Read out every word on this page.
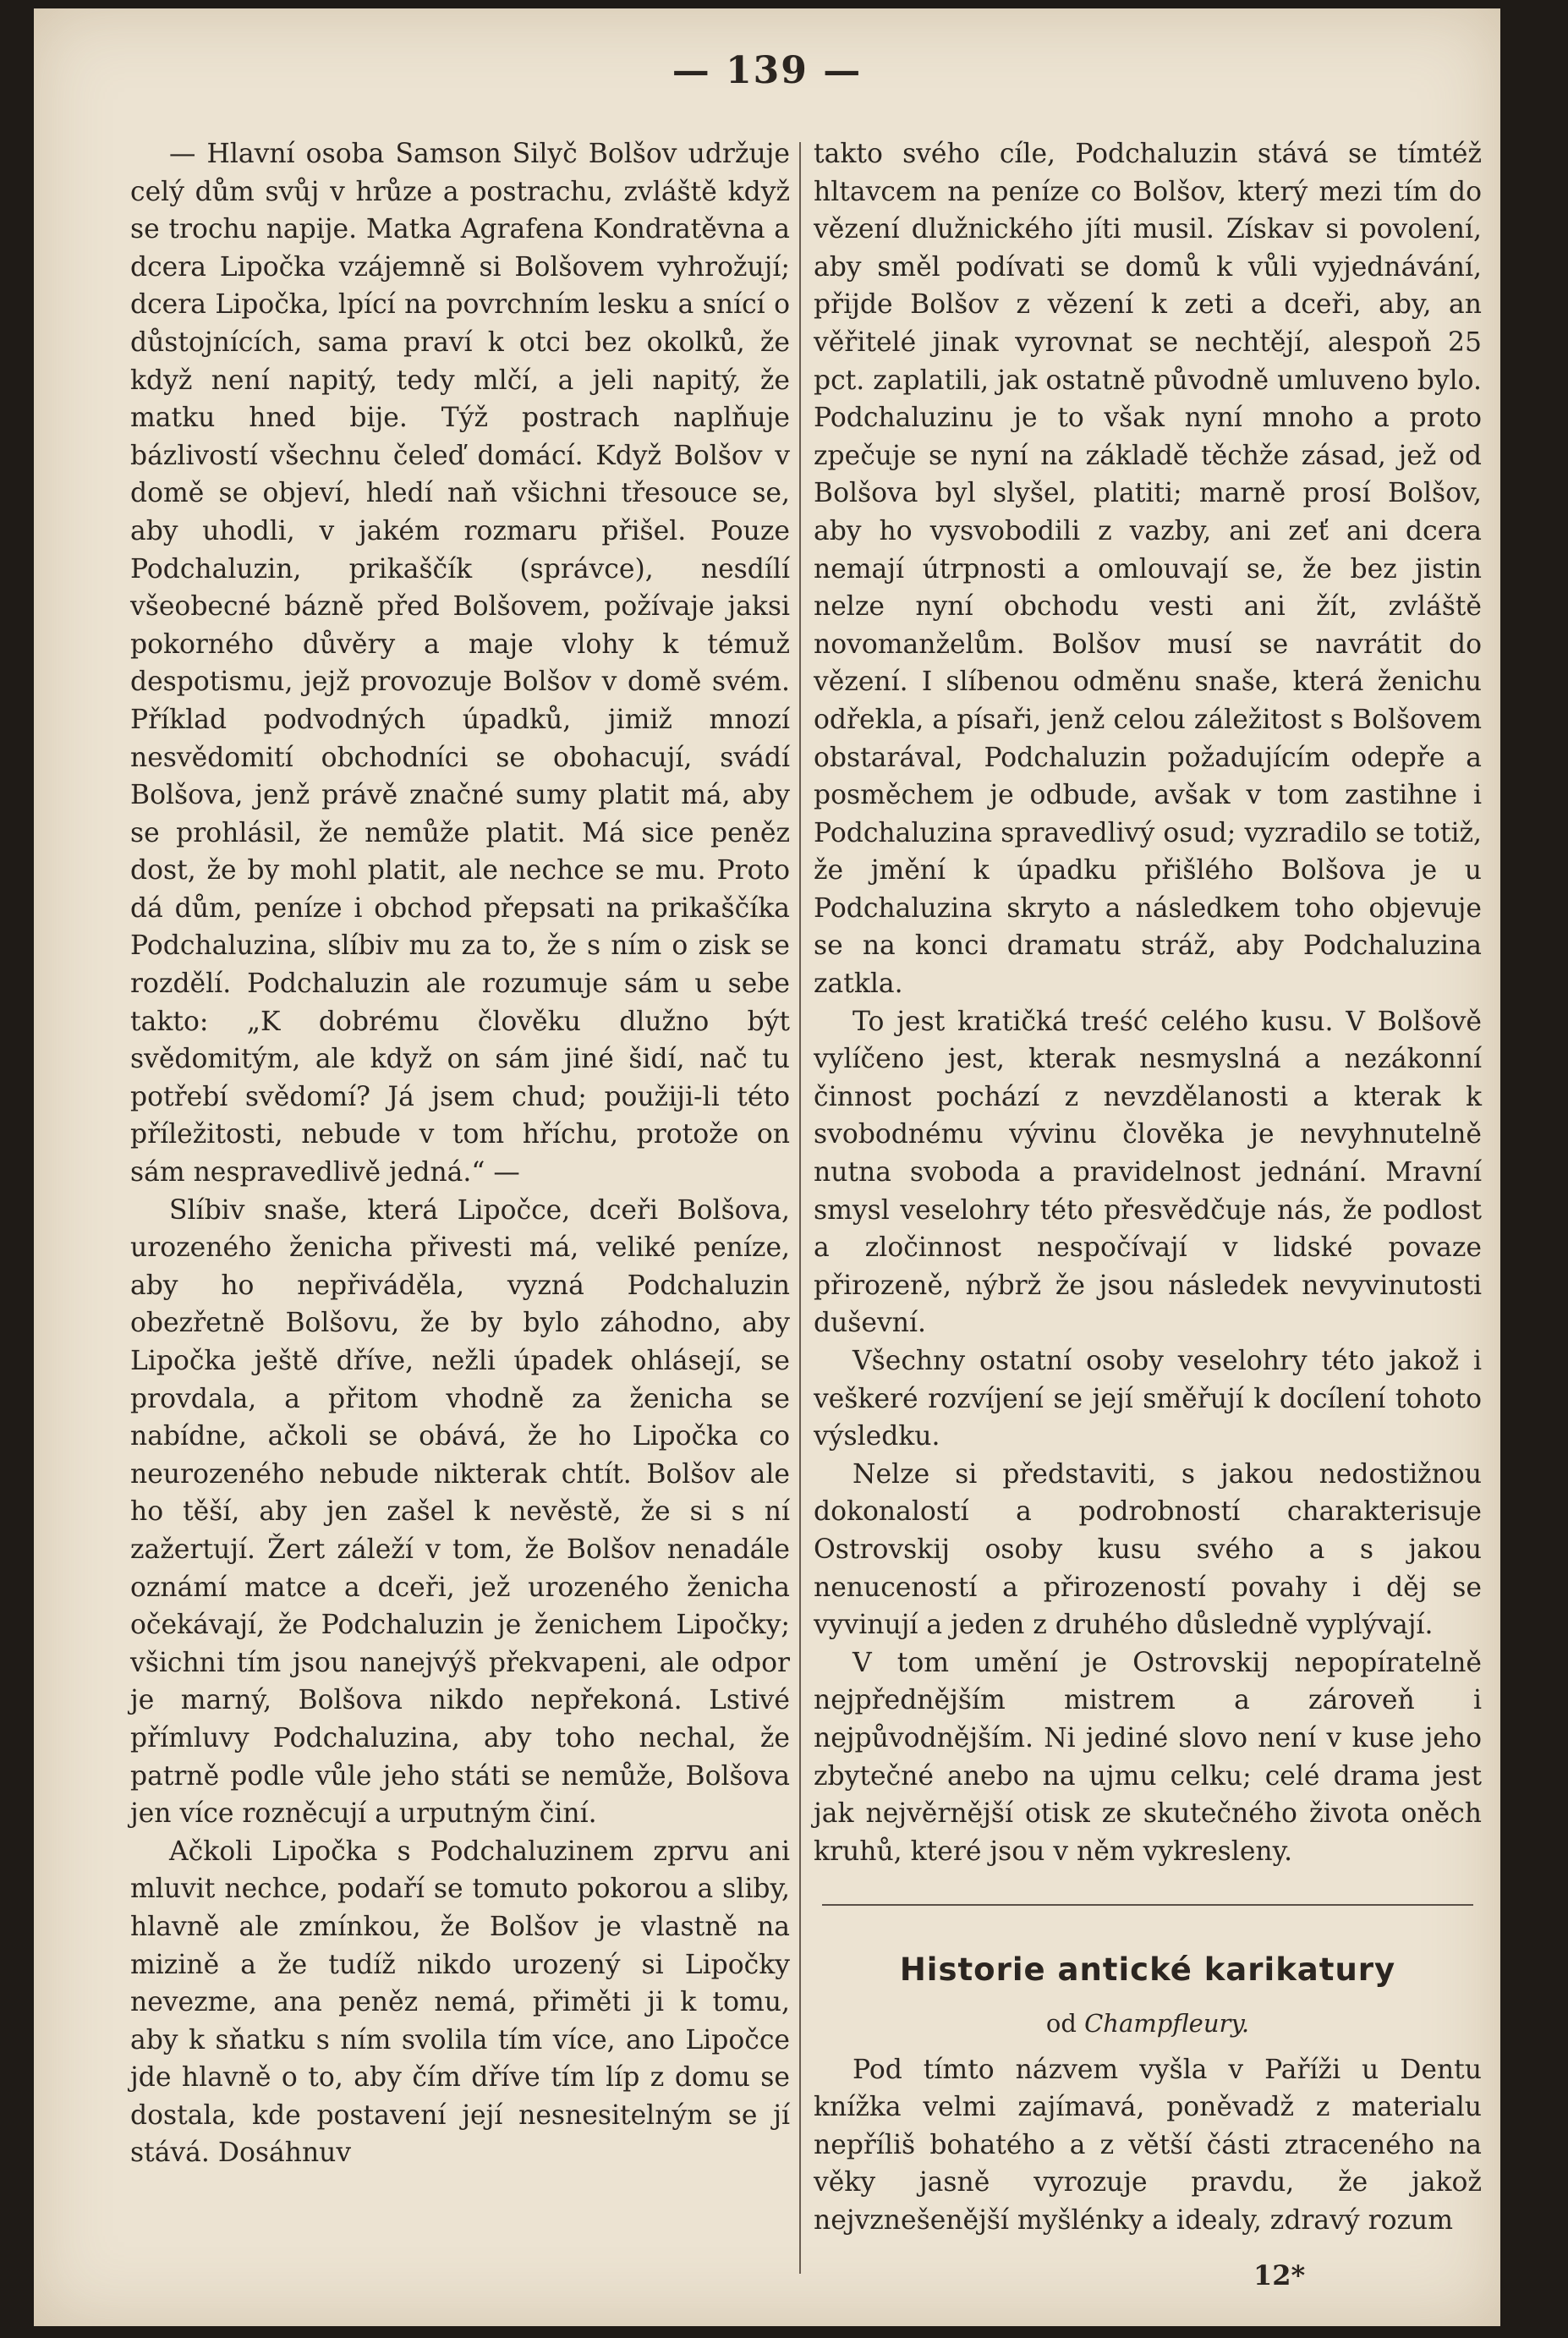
— 139 —

— Hlavní osoba Samson Silyč Bolšov udržuje celý dům svůj v hrůze a postrachu, zvláště když se trochu napije. Matka Agrafena Kondratěvna a dcera Lipočka vzájemně si Bolšovem vyhrožují; dcera Lipočka, lpící na povrchním lesku a snící o důstojnících, sama praví k otci bez okolků, že když není napitý, tedy mlčí, a jeli napitý, že matku hned bije. Týž postrach naplňuje bázlivostí všechnu čeleď domácí. Když Bolšov v domě se objeví, hledí naň všichni třesouce se, aby uhodli, v jakém rozmaru přišel. Pouze Podchaluzin, prikaščík (správce), nesdílí všeobecné bázně před Bolšovem, požívaje jaksi pokorného důvěry a maje vlohy k témuž despotismu, jejž provozuje Bolšov v domě svém. Příklad podvodných úpadků, jimiž mnozí nesvědomití obchodníci se obohacují, svádí Bolšova, jenž právě značné sumy platit má, aby se prohlásil, že nemůže platit. Má sice peněz dost, že by mohl platit, ale nechce se mu. Proto dá dům, peníze i obchod přepsati na prikaščíka Podchaluzina, slíbiv mu za to, že s ním o zisk se rozdělí. Podchaluzin ale rozumuje sám u sebe takto: „K dobrému člověku dlužno být svědomitým, ale když on sám jiné šidí, nač tu potřebí svědomí? Já jsem chud; použiji-li této příležitosti, nebude v tom hříchu, protože on sám nespravedlivě jedná.“ —

Slíbiv snaše, která Lipočce, dceři Bolšova, urozeného ženicha přivesti má, veliké peníze, aby ho nepřiváděla, vyzná Podchaluzin obezřetně Bolšovu, že by bylo záhodno, aby Lipočka ještě dříve, nežli úpadek ohlásejí, se provdala, a přitom vhodně za ženicha se nabídne, ačkoli se obává, že ho Lipočka co neurozeného nebude nikterak chtít. Bolšov ale ho těší, aby jen zašel k nevěstě, že si s ní zažertují. Žert záleží v tom, že Bolšov nenadále oznámí matce a dceři, jež urozeného ženicha očekávají, že Podchaluzin je ženichem Lipočky; všichni tím jsou nanejvýš překvapeni, ale odpor je marný, Bolšova nikdo nepřekoná. Lstivé přímluvy Podchaluzina, aby toho nechal, že patrně podle vůle jeho státi se nemůže, Bolšova jen více rozněcují a urputným činí.

Ačkoli Lipočka s Podchaluzinem zprvu ani mluvit nechce, podaří se tomuto pokorou a sliby, hlavně ale zmínkou, že Bolšov je vlastně na mizině a že tudíž nikdo urozený si Lipočky nevezme, ana peněz nemá, přiměti ji k tomu, aby k sňatku s ním svolila tím více, ano Lipočce jde hlavně o to, aby čím dříve tím líp z domu se dostala, kde postavení její nesnesitelným se jí stává. Dosáhnuv

takto svého cíle, Podchaluzin stává se tímtéž hltavcem na peníze co Bolšov, který mezi tím do vězení dlužnického jíti musil. Získav si povolení, aby směl podívati se domů k vůli vyjednávání, přijde Bolšov z vězení k zeti a dceři, aby, an věřitelé jinak vyrovnat se nechtějí, alespoň 25 pct. zaplatili, jak ostatně původně umluveno bylo. Podchaluzinu je to však nyní mnoho a proto zpečuje se nyní na základě těchže zásad, jež od Bolšova byl slyšel, platiti; marně prosí Bolšov, aby ho vysvobodili z vazby, ani zeť ani dcera nemají útrpnosti a omlouvají se, že bez jistin nelze nyní obchodu vesti ani žít, zvláště novomanželům. Bolšov musí se navrátit do vězení. I slíbenou odměnu snaše, která ženichu odřekla, a písaři, jenž celou záležitost s Bolšovem obstarával, Podchaluzin požadujícím odepře a posměchem je odbude, avšak v tom zastihne i Podchaluzina spravedlivý osud; vyzradilo se totiž, že jmění k úpadku přišlého Bolšova je u Podchaluzina skryto a následkem toho objevuje se na konci dramatu stráž, aby Podchaluzina zatkla.

To jest kratičká treść celého kusu. V Bolšově vylíčeno jest, kterak nesmyslná a nezákonní činnost pochází z nevzdělanosti a kterak k svobodnému vývinu člověka je nevyhnutelně nutna svoboda a pravidelnost jednání. Mravní smysl veselohry této přesvědčuje nás, že podlost a zločinnost nespočívají v lidské povaze přirozeně, nýbrž že jsou následek nevyvinutosti duševní.

Všechny ostatní osoby veselohry této jakož i veškeré rozvíjení se její směřují k docílení tohoto výsledku.

Nelze si představiti, s jakou nedostižnou dokonalostí a podrobností charakterisuje Ostrovskij osoby kusu svého a s jakou nenuceností a přirozeností povahy i děj se vyvinují a jeden z druhého důsledně vyplývají.

V tom umění je Ostrovskij nepopíratelně nejpřednějším mistrem a zároveň i nejpůvodnějším. Ni jediné slovo není v kuse jeho zbytečné anebo na ujmu celku; celé drama jest jak nejvěrnější otisk ze skutečného života oněch kruhů, které jsou v něm vykresleny.

Historie antické karikatury
od Champfleury.

Pod tímto názvem vyšla v Paříži u Dentu knížka velmi zajímavá, poněvadž z materialu nepříliš bohatého a z větší části ztraceného na věky jasně vyrozuje pravdu, že jakož nejvznešenější myšlénky a idealy, zdravý rozum

12*
